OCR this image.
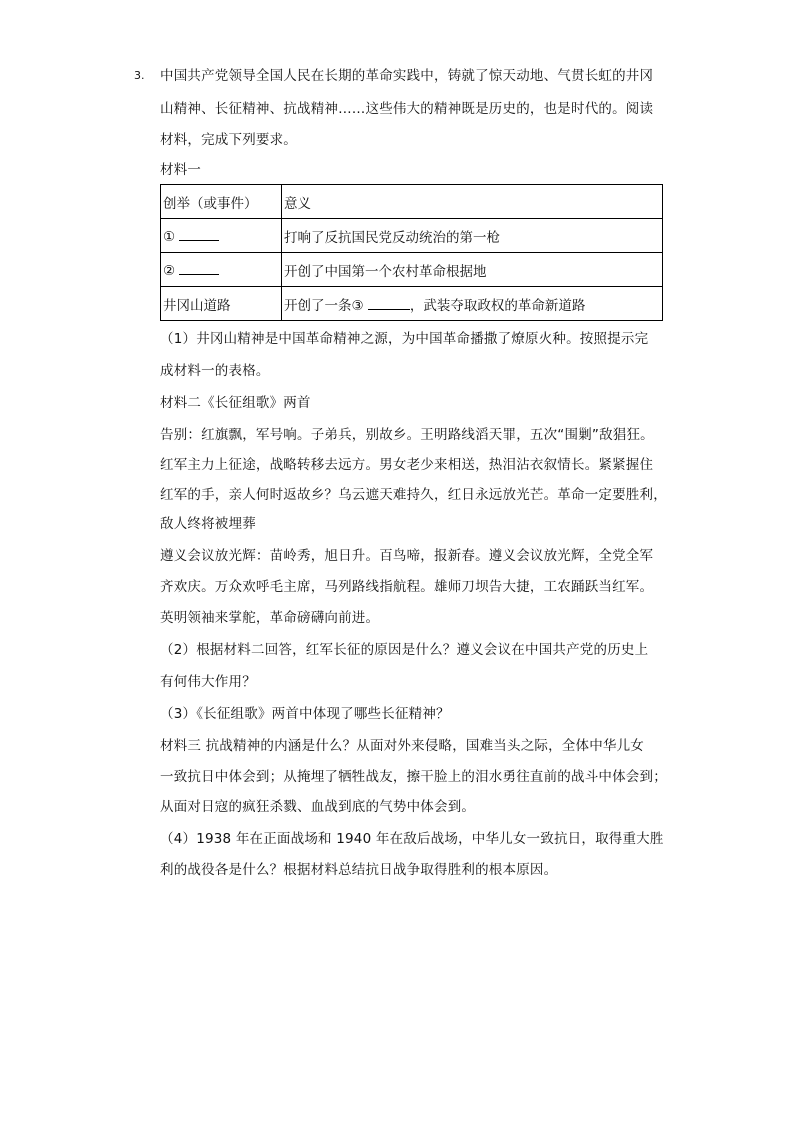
3. 中国共产党领导全国人民在长期的革命实践中，铸就了惊天动地、气贯长虹的井冈
山精神、长征精神、抗战精神……这些伟大的精神既是历史的，也是时代的。阅读
材料，完成下列要求。
材料一
创举（或事件）	意义
①	打响了反抗国民党反动统治的第一枪
②	开创了中国第一个农村革命根据地
井冈山道路	开创了一条③ ，武装夺取政权的革命新道路
（1）井冈山精神是中国革命精神之源，为中国革命播撒了燎原火种。按照提示完
成材料一的表格。
材料二《长征组歌》两首
告别：红旗飘，军号响。子弟兵，别故乡。王明路线滔天罪，五次“围剿”敌猖狂。
红军主力上征途，战略转移去远方。男女老少来相送，热泪沾衣叙情长。紧紧握住
红军的手，亲人何时返故乡？乌云遮天难持久，红日永远放光芒。革命一定要胜利，
敌人终将被埋葬
遵义会议放光辉：苗岭秀，旭日升。百鸟啼，报新春。遵义会议放光辉，全党全军
齐欢庆。万众欢呼毛主席，马列路线指航程。雄师刀坝告大捷，工农踊跃当红军。
英明领袖来掌舵，革命磅礴向前进。
（2）根据材料二回答，红军长征的原因是什么？遵义会议在中国共产党的历史上
有何伟大作用？
（3）《长征组歌》两首中体现了哪些长征精神？
材料三 抗战精神的内涵是什么？从面对外来侵略，国难当头之际，全体中华儿女
一致抗日中体会到；从掩埋了牺牲战友，擦干脸上的泪水勇往直前的战斗中体会到；
从面对日寇的疯狂杀戮、血战到底的气势中体会到。
（4）1938 年在正面战场和 1940 年在敌后战场，中华儿女一致抗日，取得重大胜
利的战役各是什么？根据材料总结抗日战争取得胜利的根本原因。
